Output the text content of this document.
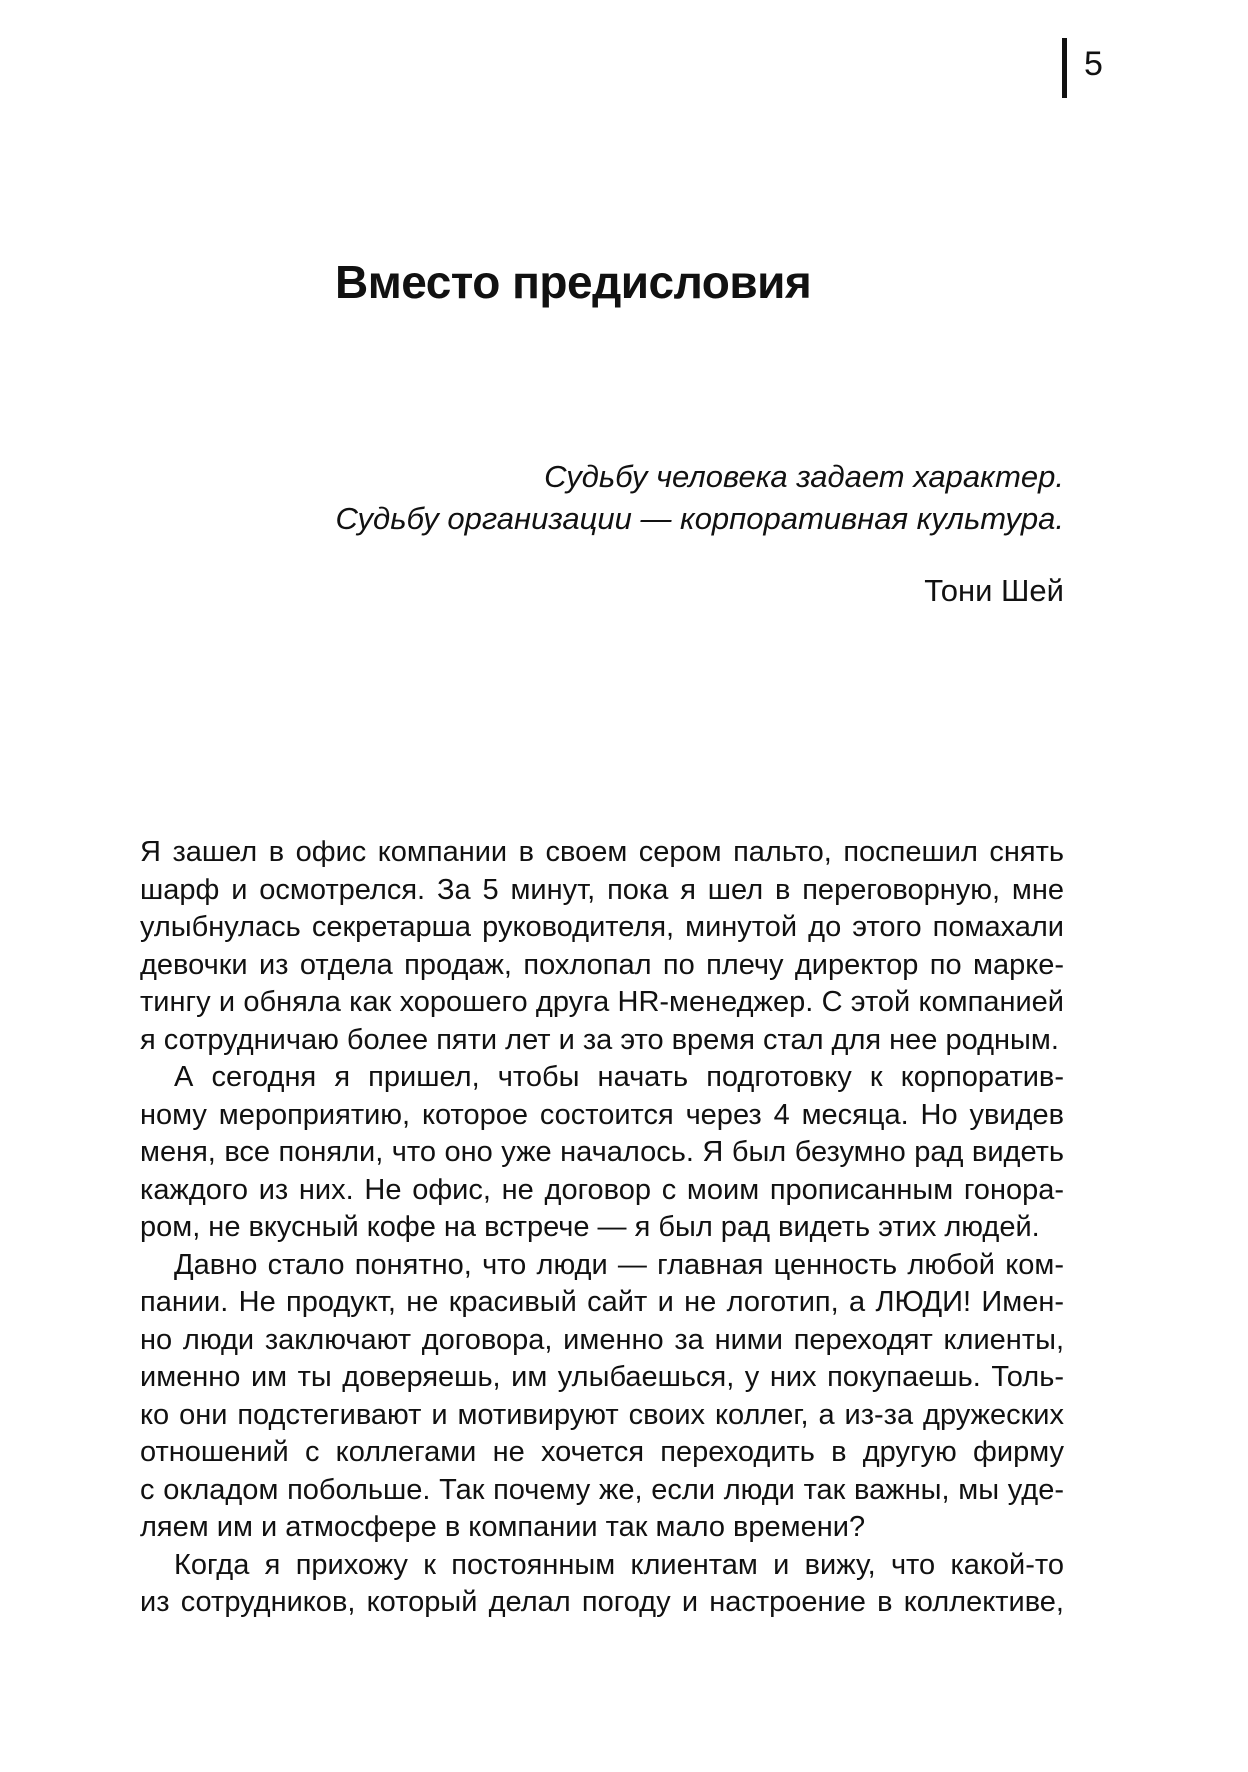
5
Вместо предисловия
Судьбу человека задает характер.
Судьбу организации — корпоративная культура.
Тони Шей
Я зашел в офис компании в своем сером пальто, поспешил снять
шарф и осмотрелся. За 5 минут, пока я шел в переговорную, мне
улыбнулась секретарша руководителя, минутой до этого помахали
девочки из отдела продаж, похлопал по плечу директор по марке-
тингу и обняла как хорошего друга HR-менеджер. С этой компанией
я сотрудничаю более пяти лет и за это время стал для нее родным.
А сегодня я пришел, чтобы начать подготовку к корпоратив-
ному мероприятию, которое состоится через 4 месяца. Но увидев
меня, все поняли, что оно уже началось. Я был безумно рад видеть
каждого из них. Не офис, не договор с моим прописанным гонора-
ром, не вкусный кофе на встрече — я был рад видеть этих людей.
Давно стало понятно, что люди — главная ценность любой ком-
пании. Не продукт, не красивый сайт и не логотип, а ЛЮДИ! Имен-
но люди заключают договора, именно за ними переходят клиенты,
именно им ты доверяешь, им улыбаешься, у них покупаешь. Толь-
ко они подстегивают и мотивируют своих коллег, а из-за дружеских
отношений с коллегами не хочется переходить в другую фирму
с окладом побольше. Так почему же, если люди так важны, мы уде-
ляем им и атмосфере в компании так мало времени?
Когда я прихожу к постоянным клиентам и вижу, что какой-то
из сотрудников, который делал погоду и настроение в коллективе,
